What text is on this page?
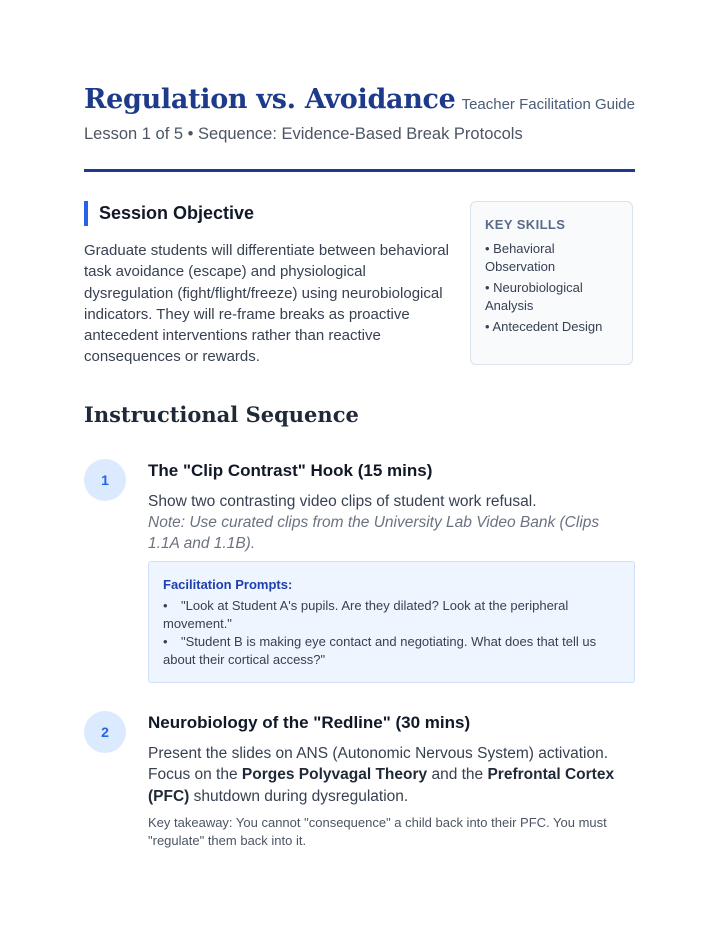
Regulation vs. Avoidance Teacher Facilitation Guide
Lesson 1 of 5 • Sequence: Evidence-Based Break Protocols
Session Objective

Graduate students will differentiate between behavioral task avoidance (escape) and physiological dysregulation (fight/flight/freeze) using neurobiological indicators. They will re-frame breaks as proactive antecedent interventions rather than reactive consequences or rewards.

KEY SKILLS
• Behavioral Observation
• Neurobiological Analysis
• Antecedent Design
Instructional Sequence
1	The "Clip Contrast" Hook (15 mins)

Show two contrasting video clips of student work refusal.

Note: Use curated clips from the University Lab Video Bank (Clips 1.1A and 1.1B).

Facilitation Prompts:
• "Look at Student A's pupils. Are they dilated? Look at the peripheral movement."
• "Student B is making eye contact and negotiating. What does that tell us about their cortical access?"
2	Neurobiology of the "Redline" (30 mins)

Present the slides on ANS (Autonomic Nervous System) activation. Focus on the Porges Polyvagal Theory and the Prefrontal Cortex (PFC) shutdown during dysregulation.

Key takeaway: You cannot "consequence" a child back into their PFC. You must "regulate" them back into it.
